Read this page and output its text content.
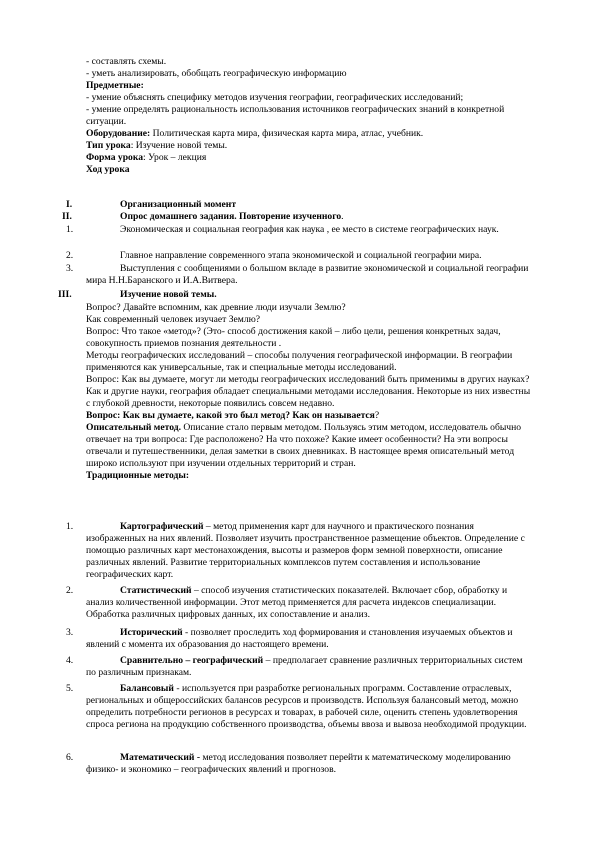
- составлять схемы.

- уметь анализировать, обобщать географическую информацию

Предметные:

- умение объяснять специфику методов изучения географии, географических исследований;

- умение определять рациональность использования источников географических знаний в конкретной ситуации.

Оборудование: Политическая карта мира, физическая карта мира, атлас, учебник.

Тип урока: Изучение новой темы.

Форма урока: Урок – лекция

Ход урока

I.	Организационный момент
II.	Опрос домашнего задания. Повторение изученного.
1.	Экономическая и социальная география как наука , ее место в системе географических наук.
2.	Главное направление современного этапа экономической и социальной географии мира.
3.	Выступления с сообщениями о большом вкладе в развитие экономической и социальной географии мира Н.Н.Баранского и И.А.Витвера.
III.	Изучение новой темы.

Вопрос? Давайте вспомним, как древние люди изучали Землю?

Как современный человек изучает Землю?

Вопрос: Что такое «метод»? (Это- способ достижения какой – либо цели, решения конкретных задач, совокупность приемов познания деятельности .

Методы географических исследований – способы получения географической информации. В географии применяются как универсальные, так и специальные методы исследований.

Вопрос: Как вы думаете, могут ли методы географических исследований быть применимы в других науках?

Как и другие науки, география обладает специальными методами исследования. Некоторые из них известны с глубокой древности, некоторые появились совсем недавно.

Вопрос: Как вы думаете, какой это был метод? Как он называется?

Описательный метод. Описание стало первым методом. Пользуясь этим методом, исследователь обычно отвечает на три вопроса: Где расположено? На что похоже? Какие имеет особенности? На эти вопросы отвечали и путешественники, делая заметки в своих дневниках. В настоящее время описательный метод широко используют при изучении отдельных территорий и стран.

Традиционные методы:

1.	Картографический – метод применения карт для научного и практического познания изображенных на них явлений. Позволяет изучить пространственное размещение объектов. Определение с помощью различных карт местонахождения, высоты и размеров форм земной поверхности, описание различных явлений. Развитие территориальных комплексов путем составления и использование географических карт.
2.	Статистический – способ изучения статистических показателей. Включает сбор, обработку и анализ количественной информации. Этот метод применяется для расчета индексов специализации. Обработка различных цифровых данных, их сопоставление и анализ.
3.	Исторический - позволяет проследить ход формирования и становления изучаемых объектов и явлений с момента их образования до настоящего времени.
4.	Сравнительно – географический – предполагает сравнение различных территориальных систем по различным признакам.
5.	Балансовый - используется при разработке региональных программ. Составление отраслевых, региональных и общероссийских балансов ресурсов и производств. Используя балансовый метод, можно определить потребности регионов в ресурсах и товарах, в рабочей силе, оценить степень удовлетворения спроса региона на продукцию собственного производства, объемы ввоза и вывоза необходимой продукции.
6.	Математический - метод исследования позволяет перейти к математическому моделированию физико- и экономико – географических явлений и прогнозов.
